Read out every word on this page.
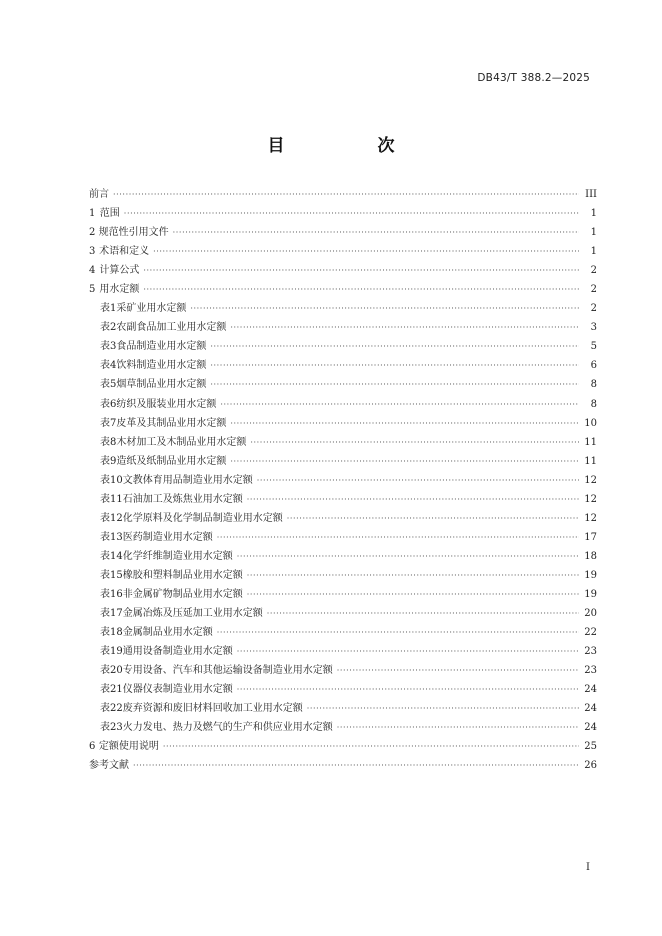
DB43/T 388.2—2025
目　次
前言 ·····	III
1 范围 ·····	1
2 规范性引用文件 ·····	1
3 术语和定义 ·····	1
4 计算公式 ·····	2
5 用水定额 ·····	2
表1 采矿业用水定额 ·····	2
表2 农副食品加工业用水定额 ·····	3
表3 食品制造业用水定额 ·····	5
表4 饮料制造业用水定额 ·····	6
表5 烟草制品业用水定额 ·····	8
表6 纺织及服装业用水定额 ·····	8
表7 皮革及其制品业用水定额 ·····	10
表8 木材加工及木制品业用水定额 ·····	11
表9 造纸及纸制品业用水定额 ·····	11
表10 文教体育用品制造业用水定额 ·····	12
表11 石油加工及炼焦业用水定额 ·····	12
表12 化学原料及化学制品制造业用水定额 ·····	12
表13 医药制造业用水定额 ·····	17
表14 化学纤维制造业用水定额 ·····	18
表15 橡胶和塑料制品业用水定额 ·····	19
表16 非金属矿物制品业用水定额 ·····	19
表17 金属冶炼及压延加工业用水定额 ·····	20
表18 金属制品业用水定额 ·····	22
表19 通用设备制造业用水定额 ·····	23
表20 专用设备、汽车和其他运输设备制造业用水定额 ·····	23
表21 仪器仪表制造业用水定额 ·····	24
表22 废弃资源和废旧材料回收加工业用水定额 ·····	24
表23 火力发电、热力及燃气的生产和供应业用水定额 ·····	24
6 定额使用说明 ·····	25
参考文献 ·····	26
I
